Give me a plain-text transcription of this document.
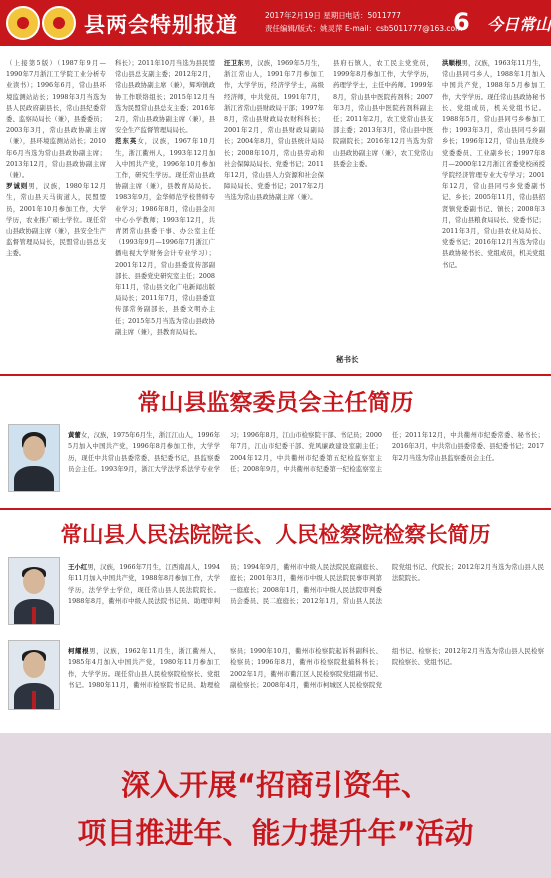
县两会特别报道	2017年2月19日 星期日
责任编辑/版式：姚灵萍
电话：5011777
E-mail：csb5011777@163.com
6 今日常山

（上接第5版）（1987年9月—1990年7月浙江工学院工业分析专业读书）；1996年6月，常山县环境监测站站长；1998年3月当选为县人民政府副县长，常山县纪委常委、监察局局长（兼），县委委员；2003年3月，常山县政协副主席（兼），县环境监测站站长；2010年6月当选为常山县政协副主席；2013年12月，常山县政协副主席（兼）。

罗诚则男，汉族，1980年12月生，常山县天马街道人，民盟盟员，2001年10月参加工作，大学学历，农业推广硕士学位。现任常山县政协副主席（兼），县安全生产监督管理局局长，民盟常山县总支主委。

科长）；2011年10月当选为县民盟常山县总支副主委；2012年2月，常山县政协副主席（兼），辉埠镇政协工作联络组长；2015年12月当选为民盟常山县总支主委；2016年2月，常山县政协副主席（兼），县安全生产监督管理局局长。

范东英女，汉族，1967年10月生，浙江衢州人，1993年12月加入中国共产党，1996年10月参加工作，研究生学历。现任常山县政协副主席（兼），县教育局局长。1983年9月，金华师范学校普师专业学习；1986年8月，常山县金川中心小学教师；1993年12月，共青团常山县委干事、办公室主任（1993年9月—1996年7月浙江广播电视大学财务会计专业学习）；2001年12月，常山县委宣传部副部长、县委党史研究室主任；2008年11月，常山县文化广电新闻出版局局长；2011年7月，常山县委宣传部常务副部长，县委文明办主任；2015年5月当选为常山县政协副主席（兼），县教育局局长。

汪卫东男，汉族，1969年5月生，浙江常山人，1991年7月参加工作，大学学历，经济学学士，高级经济师，中共党员。1991年7月，浙江省常山县财政局干部；1997年8月，常山县财政局农财科科长；2001年2月，常山县财政局副局长；2004年8月，常山县统计局局长；2008年10月，常山县劳动和社会保障局局长、党委书记；2011年12月，常山县人力资源和社会保障局局长、党委书记；2017年2月当选为常山县政协副主席（兼）。

县府石镇人，农工民主党党员，1999年8月参加工作，大学学历，药理学学士，主任中药师。1999年8月，常山县中医院药剂科；2007年3月，常山县中医院药剂科副主任；2011年2月，农工党常山县支部主委；2013年3月，常山县中医院副院长；2016年12月当选为常山县政协副主席（兼），农工党常山县委会主委。

洪顺根男，汉族，1963年11月生，常山县同弓乡人，1988年1月加入中国共产党，1988年5月参加工作，大学学历。现任常山县政协秘书长、党组成员，机关党组书记。1988年5月，常山县同弓乡参加工作；1993年3月，常山县同弓乡副乡长；1996年12月，常山县龙绕乡党委委员、工业副乡长；1997年8月—2000年12月浙江省委党校函授学院经济管理专业大专学习；2001年12月，常山县同弓乡党委副书记、乡长；2005年11月，常山县招贤镇党委副书记、镇长；2008年3月，常山县粮食局局长、党委书记；2011年3月，常山县农业局局长、党委书记；2016年12月当选为常山县政协秘书长、党组成员，机关党组书记。

秘书长
常山县监察委员会主任简历
黄蕾女，汉族，1975年6月生，浙江江山人，1996年5月加入中国共产党，1996年8月参加工作，大学学历，现任中共常山县委常委、县纪委书记，县监察委员会主任。1993年9月，浙江大学法学系法学专业学习；1996年8月，江山市检察院干部、书记员；2000年7月，江山市纪委干部、党风廉政建设室副主任；2004年12月，中共衢州市纪委第五纪检监察室主任；2008年9月，中共衢州市纪委第一纪检监察室主任；2011年12月，中共衢州市纪委常委、秘书长；2016年3月，中共常山县委常委、县纪委书记；2017年2月当选为常山县监察委员会主任。
常山县人民法院院长、人民检察院检察长简历
王小红男，汉族，1966年7月生，江西南昌人，1994年11月加入中国共产党，1988年8月参加工作，大学学历，法学学士学位，现任常山县人民法院院长。1988年8月，衢州市中级人民法院书记员、助理审判员；1994年9月，衢州市中级人民法院民庭副庭长、庭长；2001年3月，衢州市中级人民法院民事审判第一庭庭长；2008年1月，衢州市中级人民法院审判委员会委员、民二庭庭长；2012年1月，常山县人民法院党组书记、代院长；2012年2月当选为常山县人民法院院长。
柯耀根男，汉族，1962年11月生，浙江衢州人，1985年4月加入中国共产党，1980年11月参加工作，大学学历。现任常山县人民检察院检察长、党组书记。1980年11月，衢州市检察院书记员、助理检察员；1990年10月，衢州市检察院起诉科副科长、检察员；1996年8月，衢州市检察院批捕科科长；2002年1月，衢州市衢江区人民检察院党组副书记、副检察长；2008年4月，衢州市柯城区人民检察院党组书记、检察长；2012年2月当选为常山县人民检察院检察长、党组书记。
深入开展“招商引资年、
项目推进年、能力提升年”活动
